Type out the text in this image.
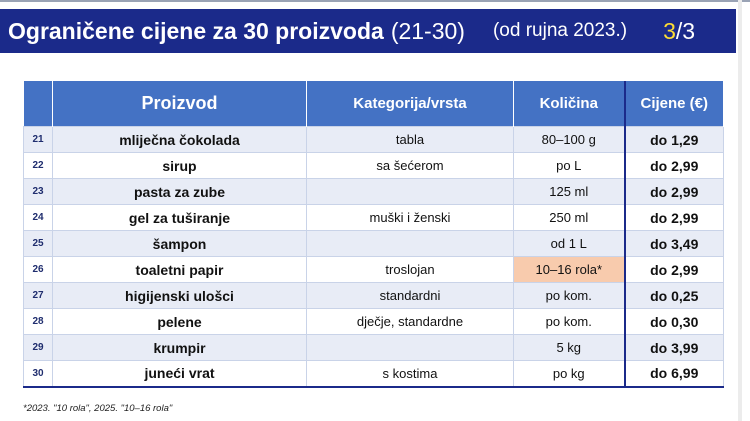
Ograničene cijene za 30 proizvoda (21-30) (od rujna 2023.) 3/3
	Proizvod	Kategorija/vrsta	Količina	Cijene (€)
21	mliječna čokolada	tabla	80–100 g	do 1,29
22	sirup	sa šećerom	po L	do 2,99
23	pasta za zube		125 ml	do 2,99
24	gel za tuširanje	muški i ženski	250 ml	do 2,99
25	šampon		od 1 L	do 3,49
26	toaletni papir	troslojan	10–16 rola*	do 2,99
27	higijenski ulošci	standardni	po kom.	do 0,25
28	pelene	dječje, standardne	po kom.	do 0,30
29	krumpir		5 kg	do 3,99
30	juneći vrat	s kostima	po kg	do 6,99
*2023. "10 rola", 2025. "10–16 rola"
